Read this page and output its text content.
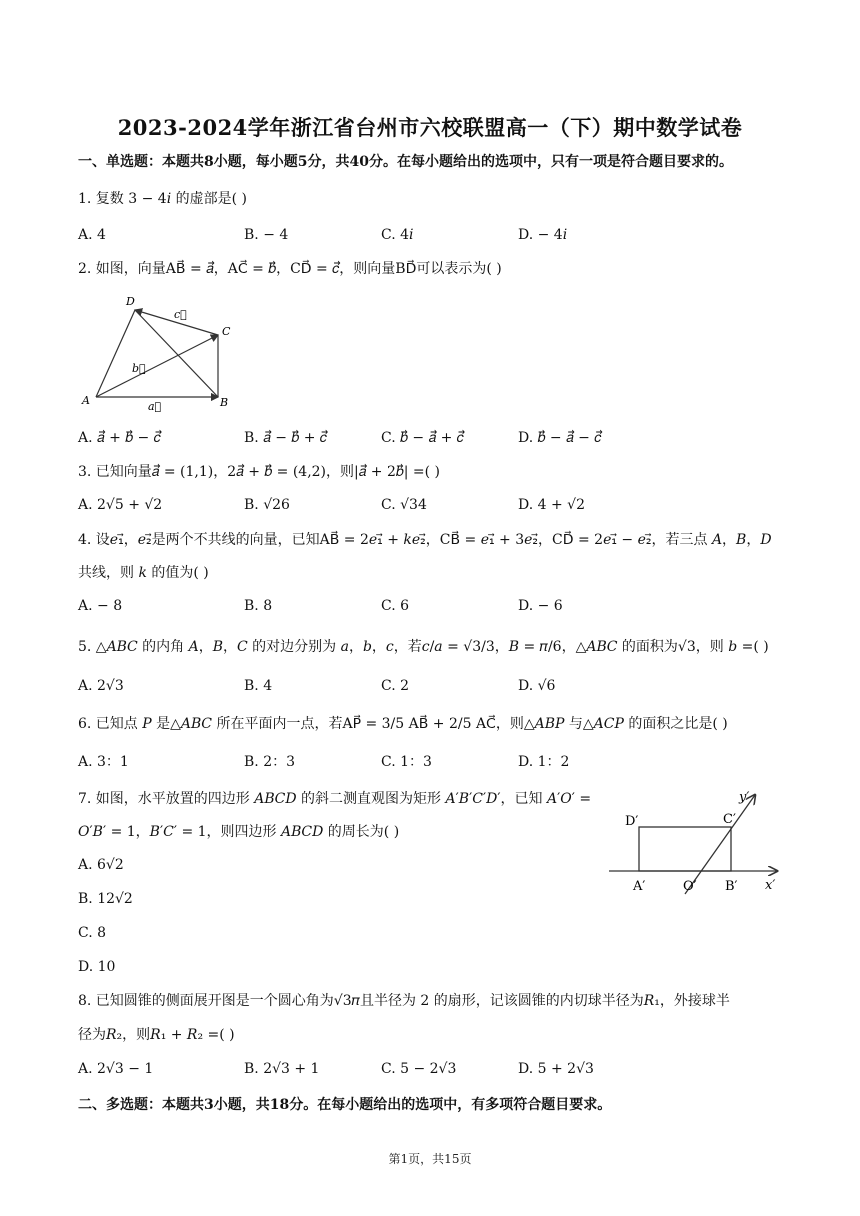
2023-2024学年浙江省台州市六校联盟高一（下）期中数学试卷
一、单选题：本题共8小题，每小题5分，共40分。在每小题给出的选项中，只有一项是符合题目要求的。
1. 复数 3 − 4𝑖 的虚部是( )
A. 4	B. − 4	C. 4𝑖	D. − 4𝑖
2. 如图，向量AB⃗ = 𝑎⃗，AC⃗ = 𝑏⃗，CD⃗ = 𝑐⃗，则向量BD⃗可以表示为( )
A	B
C
D
a⃗
b⃗
c⃗
A. 𝑎⃗ + 𝑏⃗ − 𝑐⃗	B. 𝑎⃗ − 𝑏⃗ + 𝑐⃗	C. 𝑏⃗ − 𝑎⃗ + 𝑐⃗	D. 𝑏⃗ − 𝑎⃗ − 𝑐⃗
3. 已知向量𝑎⃗ = (1,1)，2𝑎⃗ + 𝑏⃗ = (4,2)，则|𝑎⃗ + 2𝑏⃗| =( )
A. 2√5 + √2	B. √26	C. √34	D. 4 + √2
4. 设𝑒₁⃗，𝑒₂⃗是两个不共线的向量，已知AB⃗ = 2𝑒₁⃗ + 𝑘𝑒₂⃗，CB⃗ = 𝑒₁⃗ + 3𝑒₂⃗，CD⃗ = 2𝑒₁⃗ − 𝑒₂⃗，若三点 𝐴，𝐵，𝐷
共线，则 𝑘 的值为( )
A. − 8	B. 8	C. 6	D. − 6
5. △𝐴𝐵𝐶 的内角 𝐴，𝐵，𝐶 的对边分别为 𝑎，𝑏，𝑐，若𝑐/𝑎 = √3/3，𝐵 = 𝜋/6，△𝐴𝐵𝐶 的面积为√3，则 𝑏 =( )
A. 2√3	B. 4	C. 2	D. √6
6. 已知点 𝑃 是△𝐴𝐵𝐶 所在平面内一点，若AP⃗ = 3/5 AB⃗ + 2/5 AC⃗，则△𝐴𝐵𝑃 与△𝐴𝐶𝑃 的面积之比是( )
A. 3：1	B. 2：3	C. 1：3	D. 1：2
7. 如图，水平放置的四边形 𝐴𝐵𝐶𝐷 的斜二测直观图为矩形 𝐴′𝐵′𝐶′𝐷′，已知 𝐴′𝑂′ =
𝑂′𝐵′ = 1，𝐵′𝐶′ = 1，则四边形 𝐴𝐵𝐶𝐷 的周长为( )
A. 6√2
B. 12√2
C. 8
D. 10
D′	C′
A′	O′ B′ x′
y′
8. 已知圆锥的侧面展开图是一个圆心角为√3𝜋且半径为 2 的扇形，记该圆锥的内切球半径为𝑅₁，外接球半
径为𝑅₂，则𝑅₁ + 𝑅₂ =( )
A. 2√3 − 1	B. 2√3 + 1	C. 5 − 2√3	D. 5 + 2√3
二、多选题：本题共3小题，共18分。在每小题给出的选项中，有多项符合题目要求。
第1页，共15页
